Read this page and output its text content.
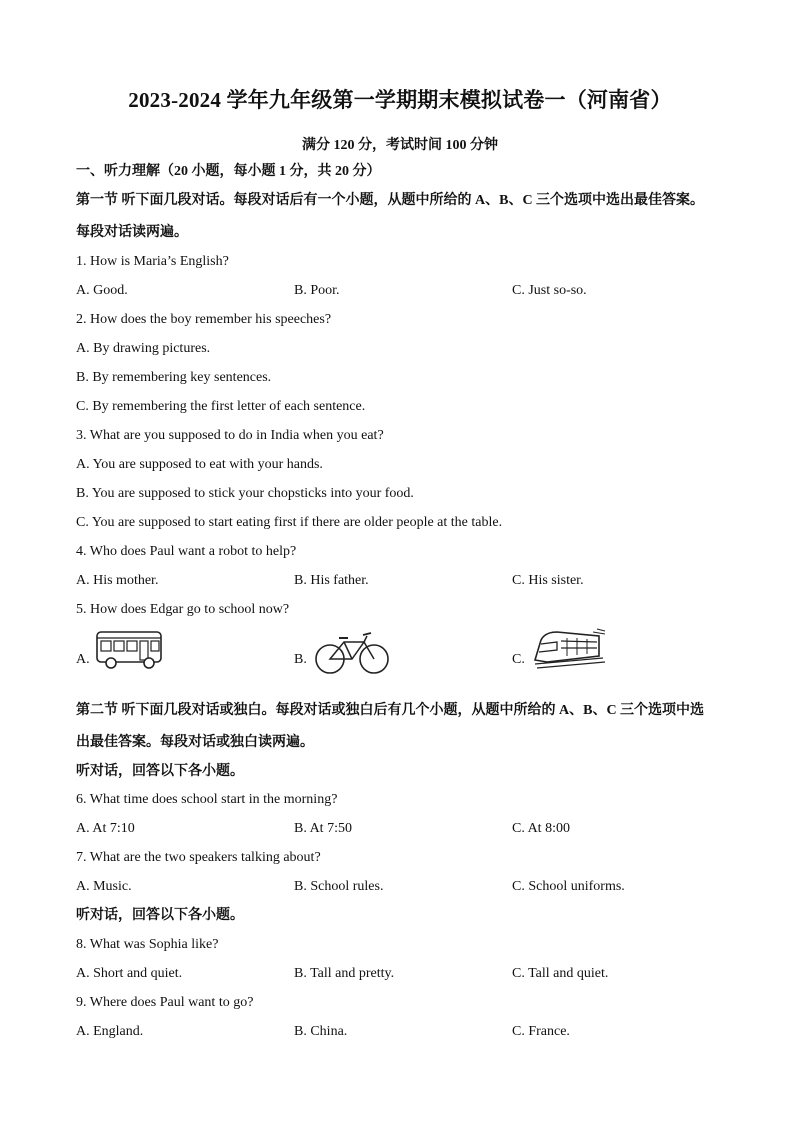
2023-2024 学年九年级第一学期期末模拟试卷一（河南省）
满分 120 分，考试时间 100 分钟
一、听力理解（20 小题，每小题 1 分，共 20 分）
第一节 听下面几段对话。每段对话后有一个小题，从题中所给的 A、B、C 三个选项中选出最佳答案。
每段对话读两遍。
1. How is Maria’s English?
A. Good.	B. Poor.	C. Just so-so.
2. How does the boy remember his speeches?
A. By drawing pictures.
B. By remembering key sentences.
C. By remembering the first letter of each sentence.
3. What are you supposed to do in India when you eat?
A. You are supposed to eat with your hands.
B. You are supposed to stick your chopsticks into your food.
C. You are supposed to start eating first if there are older people at the table.
4. Who does Paul want a robot to help?
A. His mother.	B. His father.	C. His sister.
5. How does Edgar go to school now?
A.	B.	C.
第二节 听下面几段对话或独白。每段对话或独白后有几个小题，从题中所给的 A、B、C 三个选项中选
出最佳答案。每段对话或独白读两遍。
听对话，回答以下各小题。
6. What time does school start in the morning?
A. At 7:10	B. At 7:50	C. At 8:00
7. What are the two speakers talking about?
A. Music.	B. School rules.	C. School uniforms.
听对话，回答以下各小题。
8. What was Sophia like?
A. Short and quiet.	B. Tall and pretty.	C. Tall and quiet.
9. Where does Paul want to go?
A. England.	B. China.	C. France.
